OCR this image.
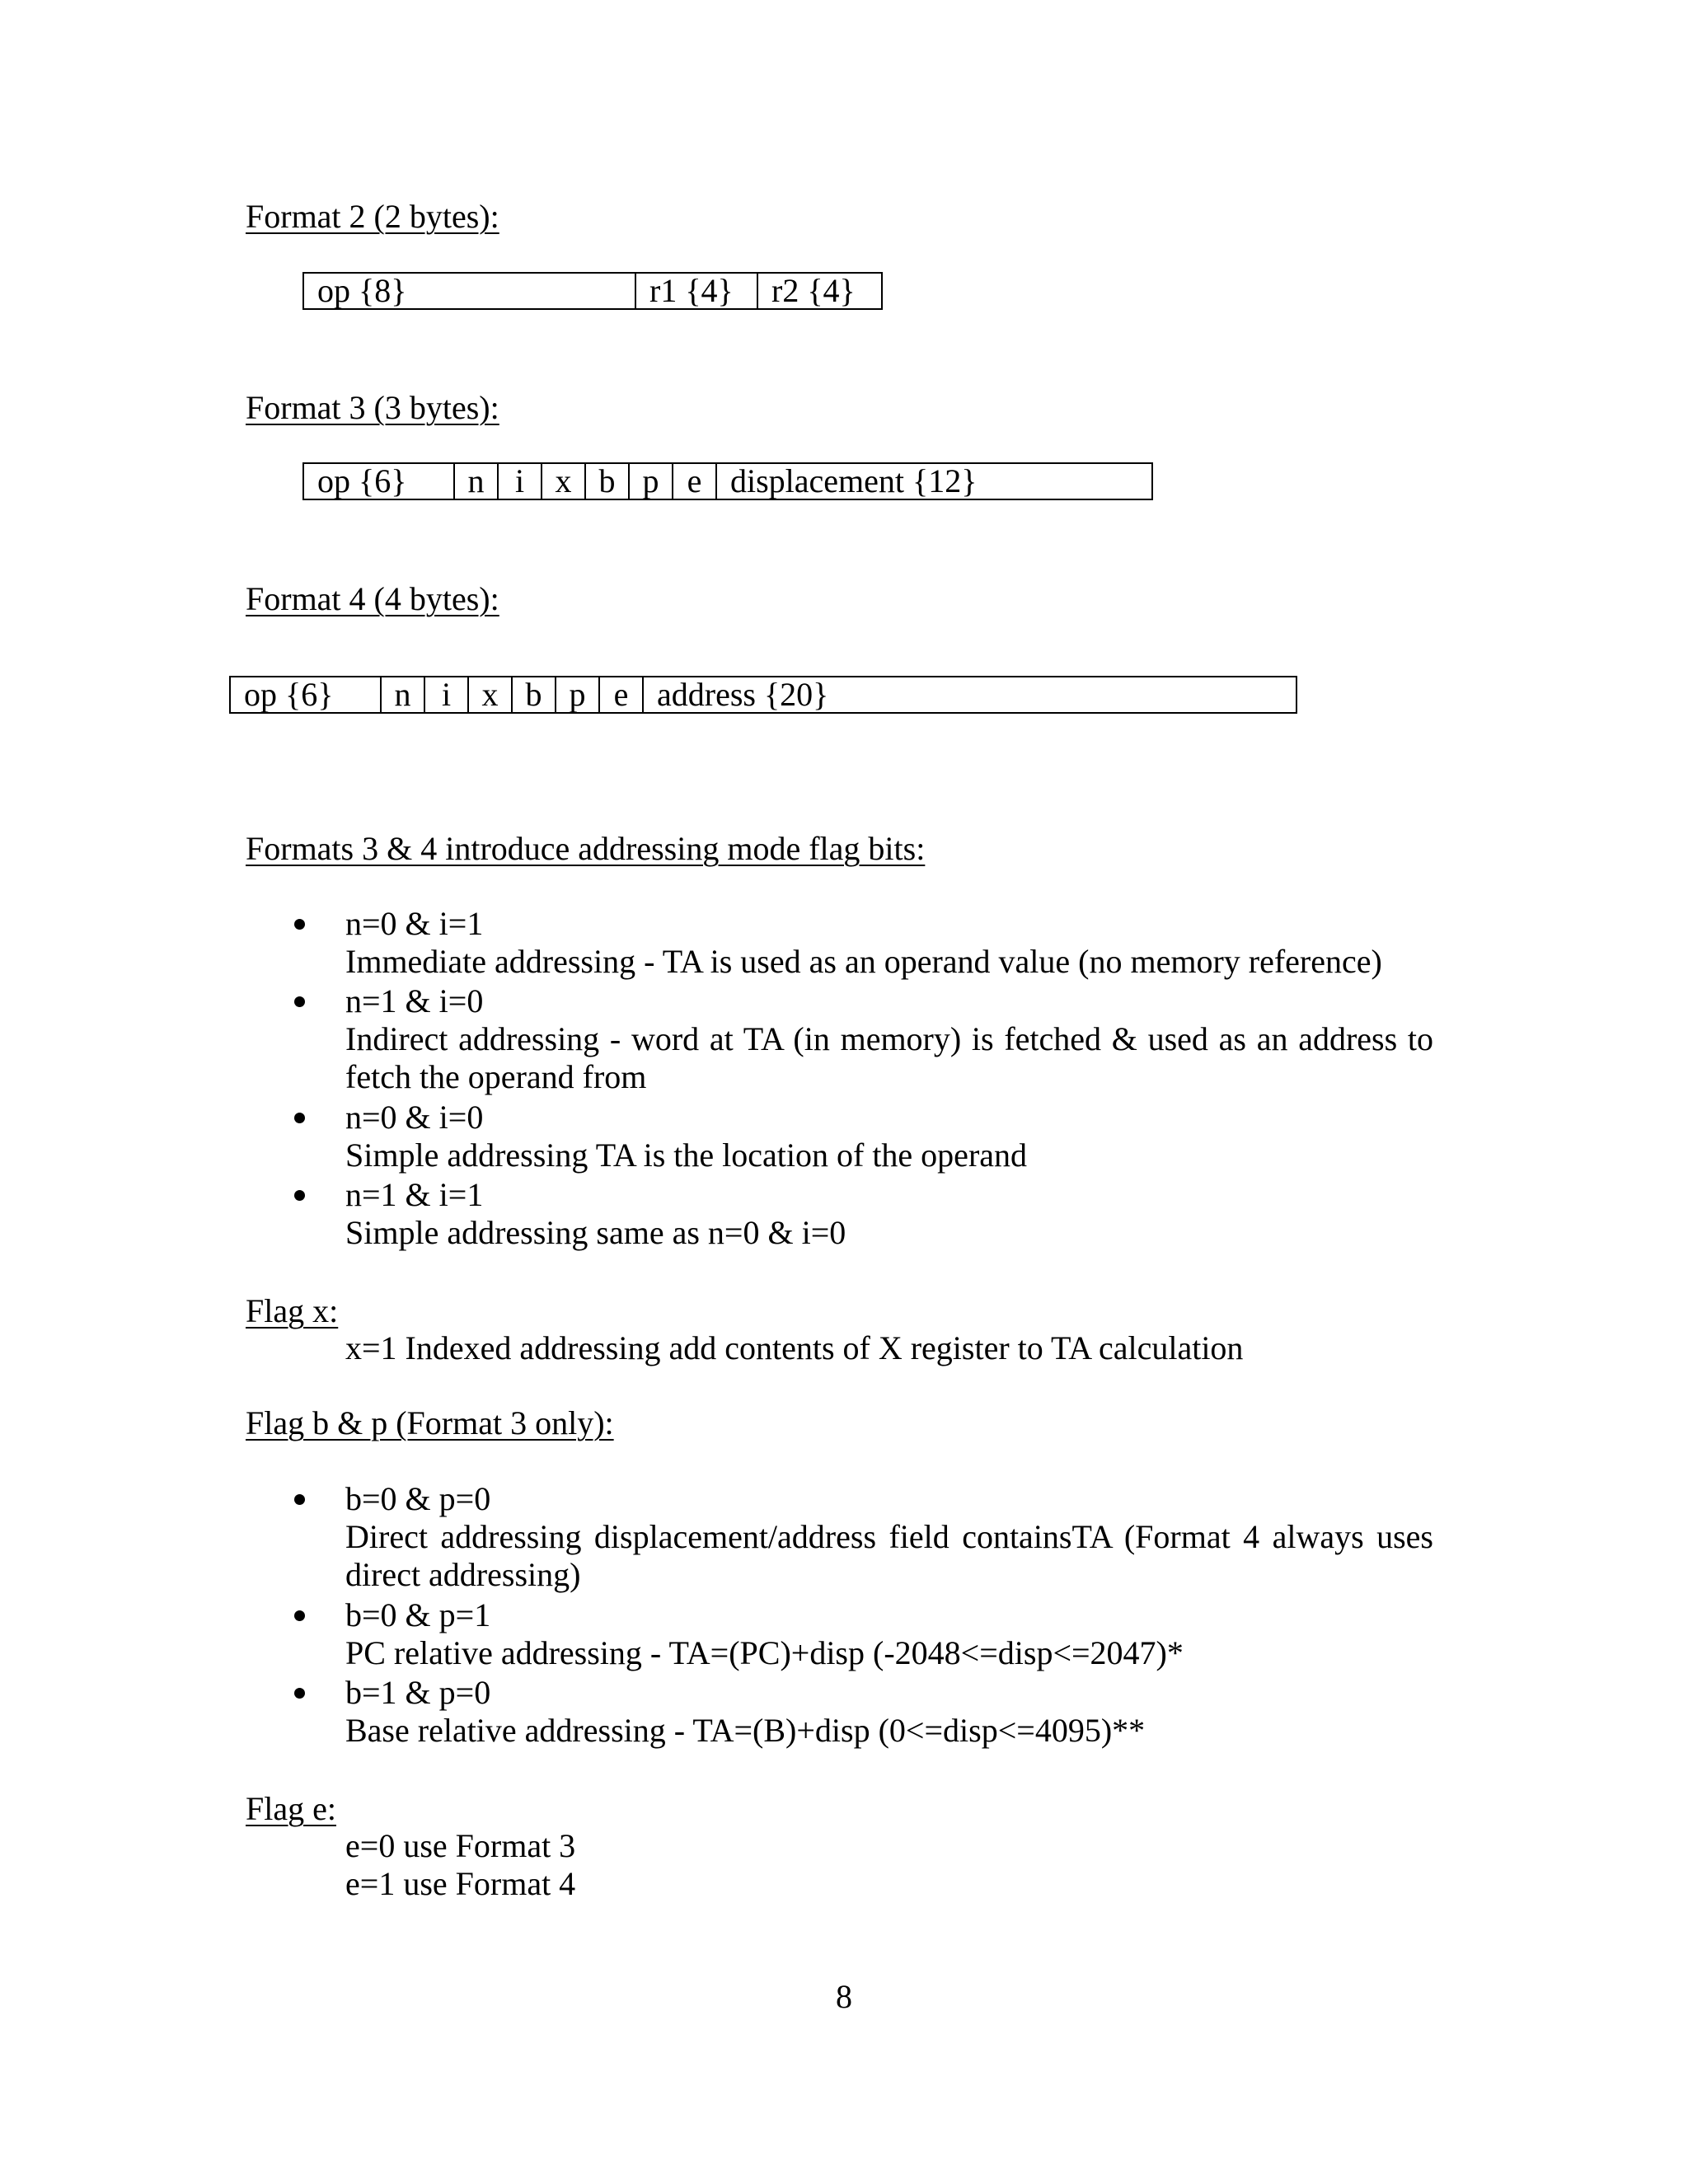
Format 2 (2 bytes):
op {8}	r1 {4}	r2 {4}
Format 3 (3 bytes):
op {6}	n i x b p e displacement {12}
Format 4 (4 bytes):
op {6}	n i x b p e address {20}
Formats 3 & 4 introduce addressing mode flag bits:
n=0 & i=1
Immediate addressing - TA is used as an operand value (no memory reference)
n=1 & i=0
Indirect addressing - word at TA (in memory) is fetched & used as an address to fetch the operand from
n=0 & i=0
Simple addressing TA is the location of the operand
n=1 & i=1
Simple addressing same as n=0 & i=0
Flag x:
x=1 Indexed addressing add contents of X register to TA calculation
Flag b & p (Format 3 only):
b=0 & p=0
Direct addressing displacement/address field containsTA (Format 4 always uses direct addressing)
b=0 & p=1
PC relative addressing - TA=(PC)+disp (-2048<=disp<=2047)*
b=1 & p=0
Base relative addressing - TA=(B)+disp (0<=disp<=4095)**
Flag e:
e=0 use Format 3
e=1 use Format 4
8
